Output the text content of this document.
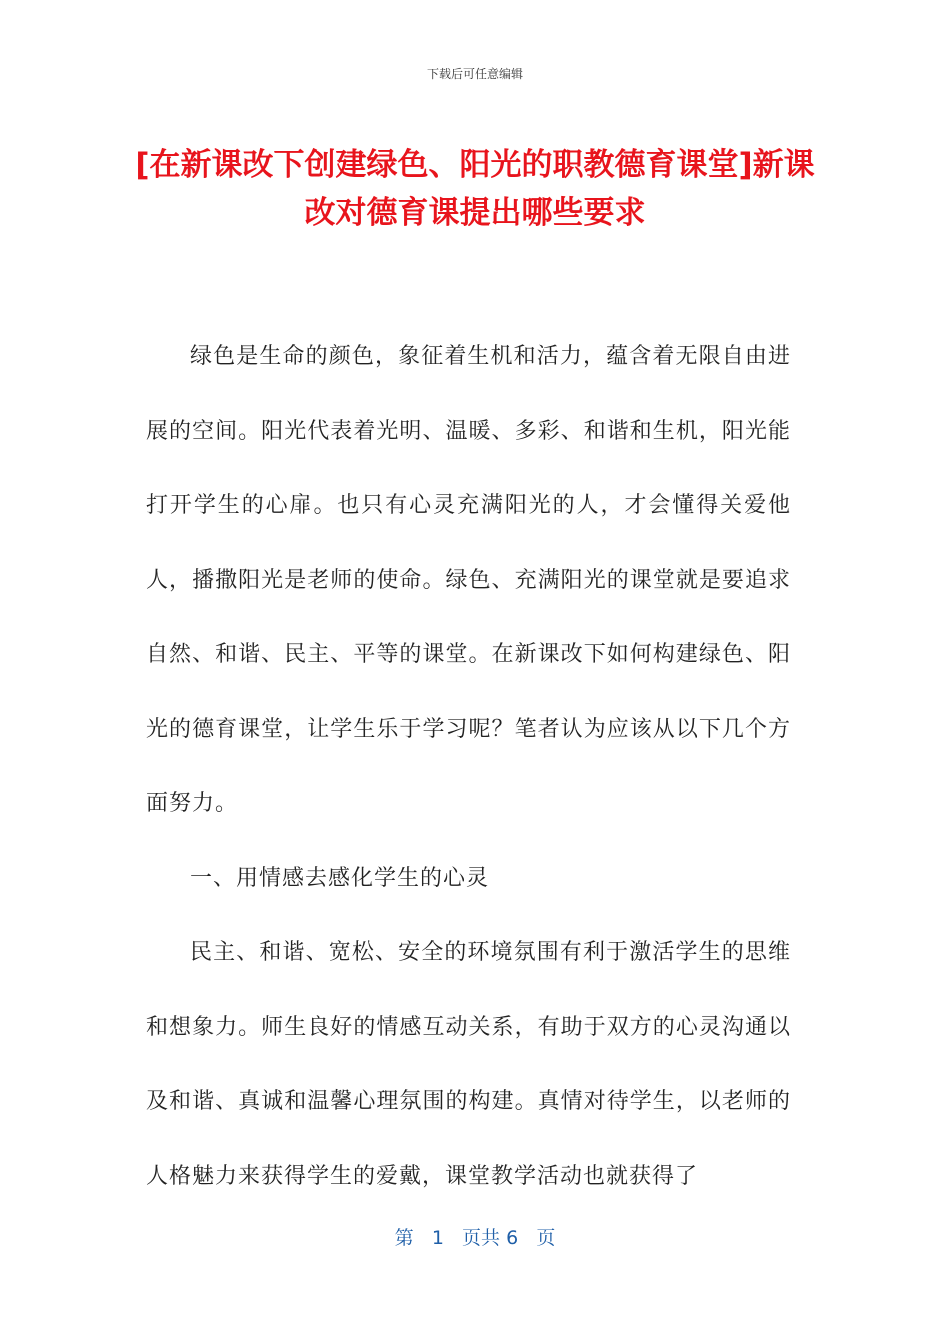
下载后可任意编辑
[在新课改下创建绿色、阳光的职教德育课堂]新课改对德育课提出哪些要求

绿色是生命的颜色，象征着生机和活力，蕴含着无限自由进展的空间。阳光代表着光明、温暖、多彩、和谐和生机，阳光能打开学生的心扉。也只有心灵充满阳光的人，才会懂得关爱他人，播撒阳光是老师的使命。绿色、充满阳光的课堂就是要追求自然、和谐、民主、平等的课堂。在新课改下如何构建绿色、阳光的德育课堂，让学生乐于学习呢？笔者认为应该从以下几个方面努力。

一、用情感去感化学生的心灵

民主、和谐、宽松、安全的环境氛围有利于激活学生的思维和想象力。师生良好的情感互动关系，有助于双方的心灵沟通以及和谐、真诚和温馨心理氛围的构建。真情对待学生，以老师的人格魅力来获得学生的爱戴，课堂教学活动也就获得了

第 1 页共 6 页
